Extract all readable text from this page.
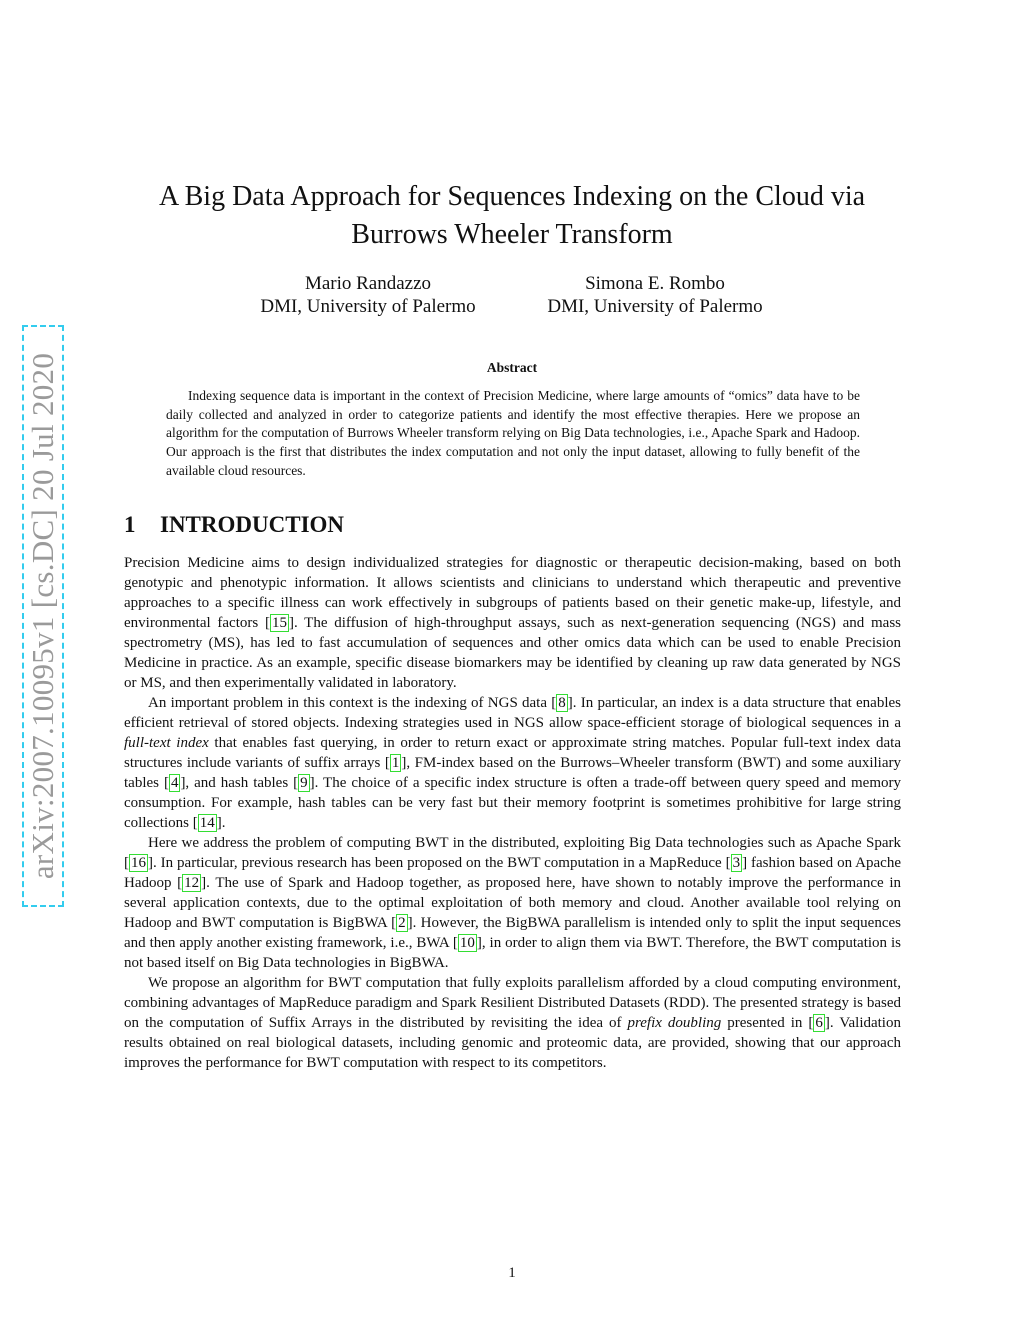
arXiv:2007.10095v1 [cs.DC] 20 Jul 2020
A Big Data Approach for Sequences Indexing on the Cloud via Burrows Wheeler Transform
Mario Randazzo
DMI, University of Palermo
Simona E. Rombo
DMI, University of Palermo
Abstract

Indexing sequence data is important in the context of Precision Medicine, where large amounts of “omics” data have to be daily collected and analyzed in order to categorize patients and identify the most effective therapies. Here we propose an algorithm for the computation of Burrows Wheeler transform relying on Big Data technologies, i.e., Apache Spark and Hadoop. Our approach is the first that distributes the index computation and not only the input dataset, allowing to fully benefit of the available cloud resources.

1 INTRODUCTION

Precision Medicine aims to design individualized strategies for diagnostic or therapeutic decision-making, based on both genotypic and phenotypic information. It allows scientists and clinicians to understand which therapeutic and preventive approaches to a specific illness can work effectively in subgroups of patients based on their genetic make-up, lifestyle, and environmental factors [ 15 ]. The diffusion of high-throughput assays, such as next-generation sequencing (NGS) and mass spectrometry (MS), has led to fast accumulation of sequences and other omics data which can be used to enable Precision Medicine in practice. As an example, specific disease biomarkers may be identified by cleaning up raw data generated by NGS or MS, and then experimentally validated in laboratory.

An important problem in this context is the indexing of NGS data [ 8 ]. In particular, an index is a data structure that enables efficient retrieval of stored objects. Indexing strategies used in NGS allow space-efficient storage of biological sequences in a full-text index that enables fast querying, in order to return exact or approximate string matches. Popular full-text index data structures include variants of suffix arrays [ 1 ], FM-index based on the Burrows–Wheeler transform (BWT) and some auxiliary tables [ 4 ], and hash tables [ 9 ]. The choice of a specific index structure is often a trade-off between query speed and memory consumption. For example, hash tables can be very fast but their memory footprint is sometimes prohibitive for large string collections [ 14 ].

Here we address the problem of computing BWT in the distributed, exploiting Big Data technologies such as Apache Spark [ 16 ]. In particular, previous research has been proposed on the BWT computation in a MapReduce [ 3 ] fashion based on Apache Hadoop [ 12 ]. The use of Spark and Hadoop together, as proposed here, have shown to notably improve the performance in several application contexts, due to the optimal exploitation of both memory and cloud. Another available tool relying on Hadoop and BWT computation is BigBWA [ 2 ]. However, the BigBWA parallelism is intended only to split the input sequences and then apply another existing framework, i.e., BWA [ 10 ], in order to align them via BWT. Therefore, the BWT computation is not based itself on Big Data technologies in BigBWA.

We propose an algorithm for BWT computation that fully exploits parallelism afforded by a cloud computing environment, combining advantages of MapReduce paradigm and Spark Resilient Distributed Datasets (RDD). The presented strategy is based on the computation of Suffix Arrays in the distributed by revisiting the idea of prefix doubling presented in [ 6 ]. Validation results obtained on real biological datasets, including genomic and proteomic data, are provided, showing that our approach improves the performance for BWT computation with respect to its competitors.

1
